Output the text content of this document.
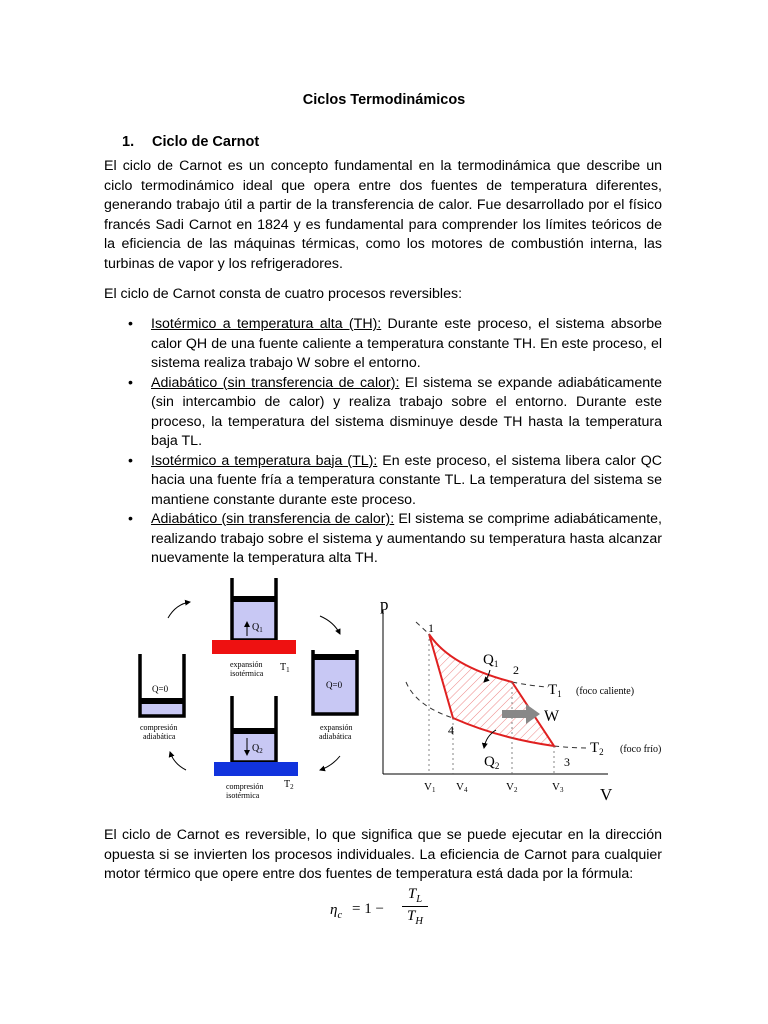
Ciclos Termodinámicos
1. Ciclo de Carnot

El ciclo de Carnot es un concepto fundamental en la termodinámica que describe un ciclo termodinámico ideal que opera entre dos fuentes de temperatura diferentes, generando trabajo útil a partir de la transferencia de calor. Fue desarrollado por el físico francés Sadi Carnot en 1824 y es fundamental para comprender los límites teóricos de la eficiencia de las máquinas térmicas, como los motores de combustión interna, las turbinas de vapor y los refrigeradores.

El ciclo de Carnot consta de cuatro procesos reversibles:

• Isotérmico a temperatura alta (TH): Durante este proceso, el sistema absorbe calor QH de una fuente caliente a temperatura constante TH. En este proceso, el sistema realiza trabajo W sobre el entorno.
• Adiabático (sin transferencia de calor): El sistema se expande adiabáticamente (sin intercambio de calor) y realiza trabajo sobre el entorno. Durante este proceso, la temperatura del sistema disminuye desde TH hasta la temperatura baja TL.
• Isotérmico a temperatura baja (TL): En este proceso, el sistema libera calor QC hacia una fuente fría a temperatura constante TL. La temperatura del sistema se mantiene constante durante este proceso.
• Adiabático (sin transferencia de calor): El sistema se comprime adiabáticamente, realizando trabajo sobre el sistema y aumentando su temperatura hasta alcanzar nuevamente la temperatura alta TH.
$Q_1$
expansión
isotérmica
$T_1$
Q=0
expansión
adiabática
$Q_2$
compresión
isotérmica
$T_2$
Q=0
compresión
adiabática
p
V
1
2
3
4
$Q_1$
$Q_2$
W
$T_1$ (foco caliente)
$T_2$ (foco frío)
V1 V4	V2	V3

El ciclo de Carnot es reversible, lo que significa que se puede ejecutar en la dirección opuesta si se invierten los procesos individuales. La eficiencia de Carnot para cualquier motor térmico que opere entre dos fuentes de temperatura está dada por la fórmula:

$\eta_c = 1$ −
$T_L$
$T_H$
